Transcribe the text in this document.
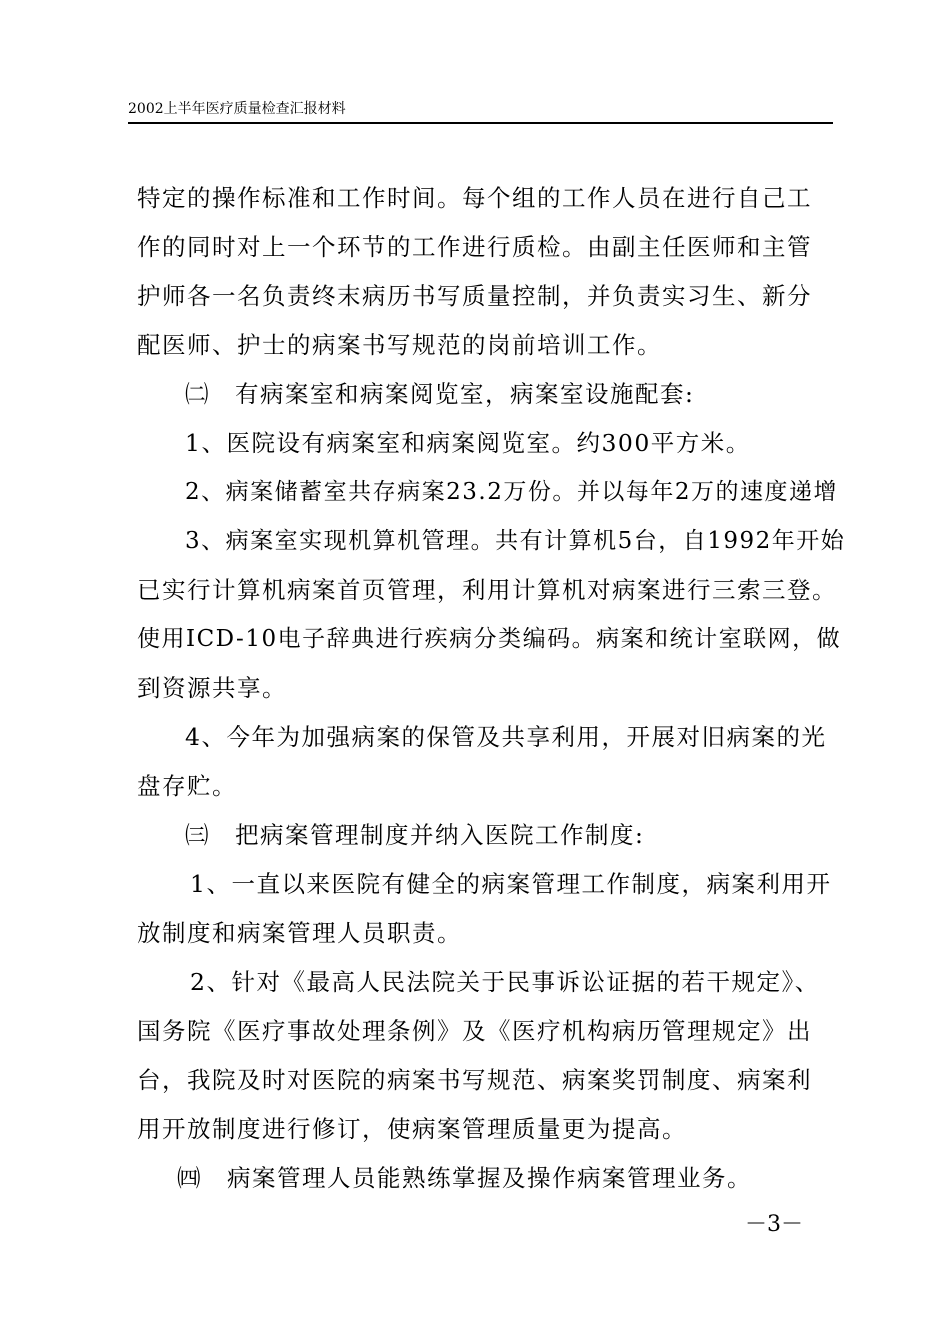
2002上半年医疗质量检查汇报材料
特定的操作标准和工作时间。每个组的工作人员在进行自己工
作的同时对上一个环节的工作进行质检。由副主任医师和主管
护师各一名负责终末病历书写质量控制，并负责实习生、新分
配医师、护士的病案书写规范的岗前培训工作。
㈡　有病案室和病案阅览室，病案室设施配套:
1、医院设有病案室和病案阅览室。约300平方米。
2、病案储蓄室共存病案23.2万份。并以每年2万的速度递增
3、病案室实现机算机管理。共有计算机5台，自1992年开始
已实行计算机病案首页管理，利用计算机对病案进行三索三登。
使用ICD-10电子辞典进行疾病分类编码。病案和统计室联网，做
到资源共享。
4、今年为加强病案的保管及共享利用，开展对旧病案的光
盘存贮。
㈢　把病案管理制度并纳入医院工作制度:
1、一直以来医院有健全的病案管理工作制度，病案利用开
放制度和病案管理人员职责。
2、针对《最高人民法院关于民事诉讼证据的若干规定》、
国务院《医疗事故处理条例》及《医疗机构病历管理规定》出
台，我院及时对医院的病案书写规范、病案奖罚制度、病案利
用开放制度进行修订，使病案管理质量更为提高。
㈣　病案管理人员能熟练掌握及操作病案管理业务。
－3－
